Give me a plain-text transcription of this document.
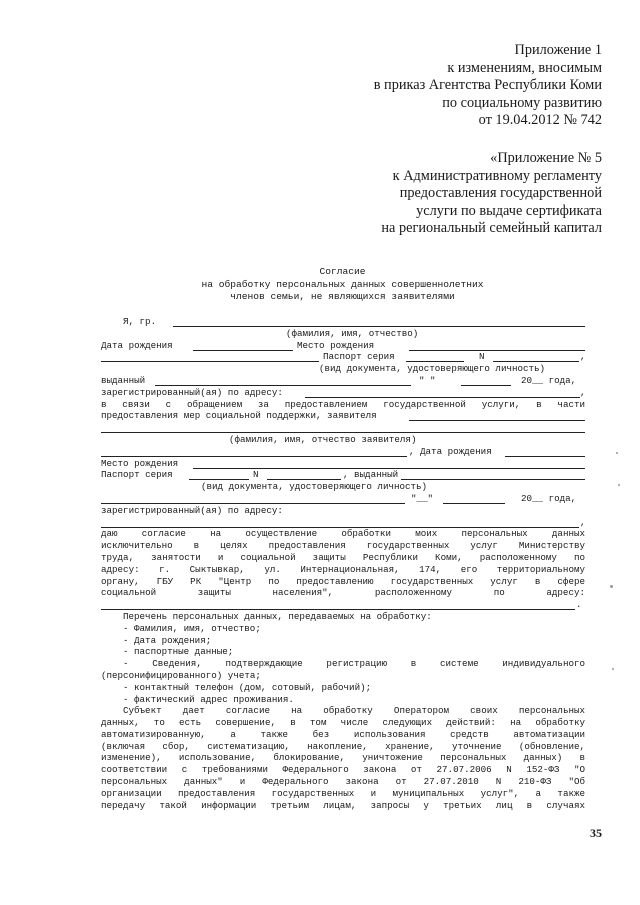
Приложение 1
к изменениям, вносимым
в приказ Агентства Республики Коми
по социальному развитию
от 19.04.2012 № 742
«Приложение № 5
к Административному регламенту
предоставления государственной
услуги по выдаче сертификата
на региональный семейный капитал
Согласие
на обработку персональных данных совершеннолетних
членов семьи, не являющихся заявителями
Я, гр.
(фамилия, имя, отчество)
Дата рождения	Место рождения
Паспорт серия	N	,
(вид документа, удостоверяющего личность)
выданный	" "	20__ года,
зарегистрированный(ая) по адресу:	,
в связи с обращением за предоставлением государственной услуги, в части
предоставления мер социальной поддержки, заявителя
(фамилия, имя, отчество заявителя)
, Дата рождения
Место рождения
Паспорт серия	N	, выданный
(вид документа, удостоверяющего личность)
"__"	20__ года,
зарегистрированный(ая) по адресу:
,
даю согласие на осуществление обработки моих персональных данных
исключительно в целях предоставления государственных услуг Министерству
труда, занятости и социальной защиты Республики Коми, расположенному по
адресу: г. Сыктывкар, ул. Интернациональная, 174, его территориальному
органу, ГБУ РК "Центр по предоставлению государственных услуг в сфере
социальной защиты населения", расположенному по адресу:
.
Перечень персональных данных, передаваемых на обработку:
- Фамилия, имя, отчество;
- Дата рождения;
- паспортные данные;
- Сведения, подтверждающие регистрацию в системе индивидуального
(персонифицированного) учета;
- контактный телефон (дом, сотовый, рабочий);
- фактический адрес проживания.
Субъект дает согласие на обработку Оператором своих персональных
данных, то есть совершение, в том числе следующих действий: на обработку
автоматизированную, а также без использования средств автоматизации
(включая сбор, систематизацию, накопление, хранение, уточнение (обновление,
изменение), использование, блокирование, уничтожение персональных данных) в
соответствии с требованиями Федерального закона от 27.07.2006 N 152-ФЗ "О
персональных данных" и Федерального закона от 27.07.2010 N 210-ФЗ "Об
организации предоставления государственных и муниципальных услуг", а также
передачу такой информации третьим лицам, запросы у третьих лиц в случаях
35
